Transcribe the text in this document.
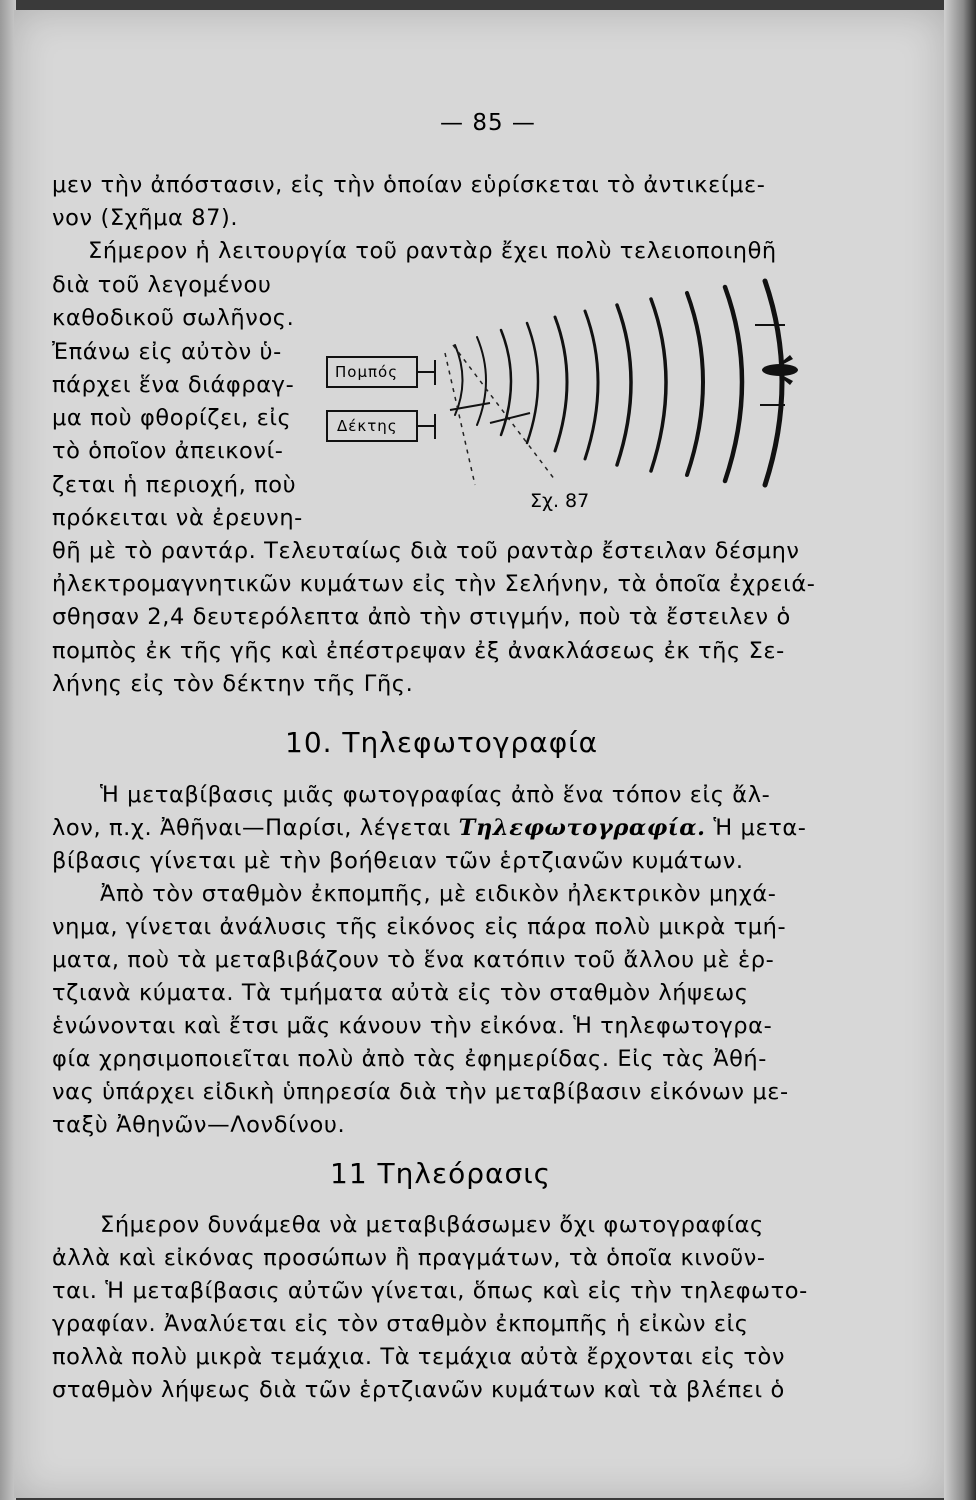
— 85 —
μεν τὴν ἀπόστασιν, εἰς τὴν ὁποίαν εὑρίσκεται τὸ ἀντικείμε-
νον (Σχῆμα 87).
Σήμερον ἡ λειτουργία τοῦ ραντὰρ ἔχει πολὺ τελειοποιηθῆ
διὰ τοῦ λεγομένου
καθοδικοῦ σωλῆνος.
Ἐπάνω εἰς αὐτὸν ὑ-
πάρχει ἕνα διάφραγ-
μα ποὺ φθορίζει, εἰς
τὸ ὁποῖον ἀπεικονί-
ζεται ἡ περιοχή, ποὺ
πρόκειται νὰ ἐρευνη-
θῆ μὲ τὸ ραντάρ. Τελευταίως διὰ τοῦ ραντὰρ ἔστειλαν δέσμην
ἠλεκτρομαγνητικῶν κυμάτων εἰς τὴν Σελήνην, τὰ ὁποῖα ἐχρειά-
σθησαν 2,4 δευτερόλεπτα ἀπὸ τὴν στιγμήν, ποὺ τὰ ἔστειλεν ὁ
πομπὸς ἐκ τῆς γῆς καὶ ἐπέστρεψαν ἐξ ἀνακλάσεως ἐκ τῆς Σε-
λήνης εἰς τὸν δέκτην τῆς Γῆς.
Πομπός
Δέκτης
Σχ. 87
10. Τηλεφωτογραφία
Ἡ μεταβίβασις μιᾶς φωτογραφίας ἀπὸ ἕνα τόπον εἰς ἄλ-
λον, π.χ. Ἀθῆναι—Παρίσι, λέγεται Τηλεφωτογραφία. Ἡ μετα-
βίβασις γίνεται μὲ τὴν βοήθειαν τῶν ἑρτζιανῶν κυμάτων.
Ἀπὸ τὸν σταθμὸν ἐκπομπῆς, μὲ ειδικὸν ἠλεκτρικὸν μηχά-
νημα, γίνεται ἀνάλυσις τῆς εἰκόνος εἰς πάρα πολὺ μικρὰ τμή-
ματα, ποὺ τὰ μεταβιβάζουν τὸ ἕνα κατόπιν τοῦ ἄλλου μὲ ἑρ-
τζιανὰ κύματα. Τὰ τμήματα αὐτὰ εἰς τὸν σταθμὸν λήψεως
ἑνώνονται καὶ ἔτσι μᾶς κάνουν τὴν εἰκόνα. Ἡ τηλεφωτογρα-
φία χρησιμοποιεῖται πολὺ ἀπὸ τὰς ἐφημερίδας. Εἰς τὰς Ἀθή-
νας ὑπάρχει εἰδικὴ ὑπηρεσία διὰ τὴν μεταβίβασιν εἰκόνων με-
ταξὺ Ἀθηνῶν—Λονδίνου.
11 Τηλεόρασις
Σήμερον δυνάμεθα νὰ μεταβιβάσωμεν ὄχι φωτογραφίας
ἀλλὰ καὶ εἰκόνας προσώπων ἢ πραγμάτων, τὰ ὁποῖα κινοῦν-
ται. Ἡ μεταβίβασις αὐτῶν γίνεται, ὅπως καὶ εἰς τὴν τηλεφωτο-
γραφίαν. Ἀναλύεται εἰς τὸν σταθμὸν ἐκπομπῆς ἡ εἰκὼν εἰς
πολλὰ πολὺ μικρὰ τεμάχια. Τὰ τεμάχια αὐτὰ ἔρχονται εἰς τὸν
σταθμὸν λήψεως διὰ τῶν ἑρτζιανῶν κυμάτων καὶ τὰ βλέπει ὁ
